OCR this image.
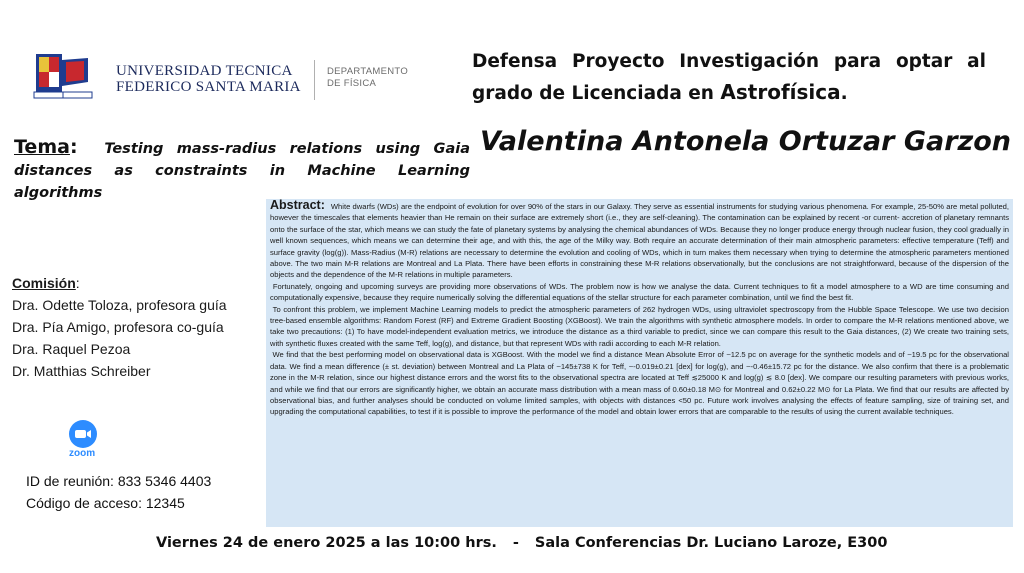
UNIVERSIDAD TECNICA
FEDERICO SANTA MARIA
DEPARTAMENTO
DE FÍSICA
Defensa Proyecto Investigación para optar al
grado de Licenciada en Astrofísica.
Tema: Testing mass-radius relations using Gaia distances as constraints in Machine Learning algorithms
Valentina Antonela Ortuzar Garzon
Comisión:
Dra. Odette Toloza, profesora guía
Dra. Pía Amigo, profesora co-guía
Dra. Raquel Pezoa
Dr. Matthias Schreiber
zoom
ID de reunión: 833 5346 4403
Código de acceso: 12345

Abstract: White dwarfs (WDs) are the endpoint of evolution for over 90% of the stars in our Galaxy. They serve as essential instruments for studying various phenomena. For example, 25-50% are metal polluted, however the timescales that elements heavier than He remain on their surface are extremely short (i.e., they are self-cleaning). The contamination can be explained by recent -or current- accretion of planetary remnants onto the surface of the star, which means we can study the fate of planetary systems by analysing the chemical abundances of WDs. Because they no longer produce energy through nuclear fusion, they cool gradually in well known sequences, which means we can determine their age, and with this, the age of the Milky way. Both require an accurate determination of their main atmospheric parameters: effective temperature (Teff) and surface gravity (log(g)). Mass-Radius (M-R) relations are necessary to determine the evolution and cooling of WDs, which in turn makes them necessary when trying to determine the atmospheric parameters mentioned above. The two main M-R relations are Montreal and La Plata. There have been efforts in constraining these M-R relations observationally, but the conclusions are not straightforward, because of the dispersion of the objects and the dependence of the M-R relations in multiple parameters.

Fortunately, ongoing and upcoming surveys are providing more observations of WDs. The problem now is how we analyse the data. Current techniques to fit a model atmosphere to a WD are time consuming and computationally expensive, because they require numerically solving the differential equations of the stellar structure for each parameter combination, until we find the best fit.

To confront this problem, we implement Machine Learning models to predict the atmospheric parameters of 262 hydrogen WDs, using ultraviolet spectroscopy from the Hubble Space Telescope. We use two decision tree-based ensemble algorithms: Random Forest (RF) and Extreme Gradient Boosting (XGBoost). We train the algorithms with synthetic atmosphere models. In order to compare the M-R relations mentioned above, we take two precautions: (1) To have model-independent evaluation metrics, we introduce the distance as a third variable to predict, since we can compare this result to the Gaia distances, (2) We create two training sets, with synthetic fluxes created with the same Teff, log(g), and distance, but that represent WDs with radii according to each M-R relation.

We find that the best performing model on observational data is XGBoost. With the model we find a distance Mean Absolute Error of ~12.5 pc on average for the synthetic models and of ~19.5 pc for the observational data. We find a mean difference (± st. deviation) between Montreal and La Plata of ~145±738 K for Teff, ~-0.019±0.21 [dex] for log(g), and ~-0.46±15.72 pc for the distance. We also confirm that there is a problematic zone in the M-R relation, since our highest distance errors and the worst fits to the observational spectra are located at Teff ≲25000 K and log(g) ≲ 8.0 [dex]. We compare our resulting parameters with previous works, and while we find that our errors are significantly higher, we obtain an accurate mass distribution with a mean mass of 0.60±0.18 M⊙ for Montreal and 0.62±0.22 M⊙ for La Plata. We find that our results are affected by observational bias, and further analyses should be conducted on volume limited samples, with objects with distances <50 pc. Future work involves analysing the effects of feature sampling, size of training set, and upgrading the computational capabilities, to test if it is possible to improve the performance of the model and obtain lower errors that are comparable to the results of using the current available techniques.

Viernes 24 de enero 2025 a las 10:00 hrs. - Sala Conferencias Dr. Luciano Laroze, E300
